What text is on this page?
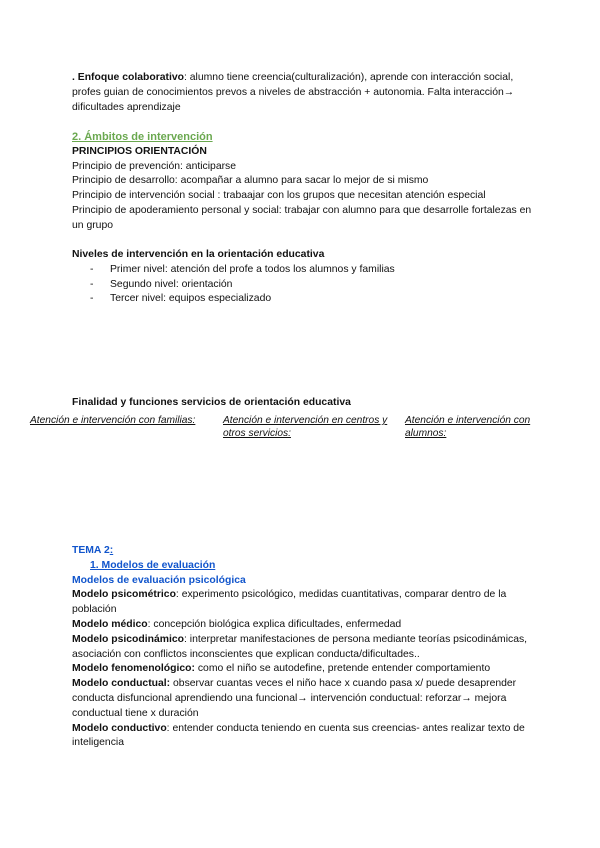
. Enfoque colaborativo: alumno tiene creencia(culturalización), aprende con interacción social, profes guian de conocimientos prevos a niveles de abstracción + autonomia. Falta interacción→ dificultades aprendizaje

2. Ámbitos de intervención
PRINCIPIOS ORIENTACIÓN
Principio de prevención: anticiparse
Principio de desarrollo: acompañar a alumno para sacar lo mejor de si mismo
Principio de intervención social : trabaajar con los grupos que necesitan atención especial
Principio de apoderamiento personal y social: trabajar con alumno para que desarrolle fortalezas en un grupo
Niveles de intervención en la orientación educativa
- Primer nivel: atención del profe a todos los alumnos y familias
- Segundo nivel: orientación
- Tercer nivel: equipos especializado
Finalidad y funciones servicios de orientación educativa
Atención e intervención con familias:	Atención e intervención en centros y otros servicios:
Atención e intervención con alumnos:
TEMA 2:
1. Modelos de evaluación
Modelos de evaluación psicológica

Modelo psicométrico: experimento psicológico, medidas cuantitativas, comparar dentro de la población

Modelo médico: concepción biológica explica dificultades, enfermedad

Modelo psicodinámico: interpretar manifestaciones de persona mediante teorías psicodinámicas, asociación con conflictos inconscientes que explican conducta/dificultades..

Modelo fenomenológico: como el niño se autodefine, pretende entender comportamiento

Modelo conductual: observar cuantas veces el niño hace x cuando pasa x/ puede desaprender conducta disfuncional aprendiendo una funcional→ intervención conductual: reforzar→ mejora conductual tiene x duración

Modelo conductivo: entender conducta teniendo en cuenta sus creencias- antes realizar texto de inteligencia
